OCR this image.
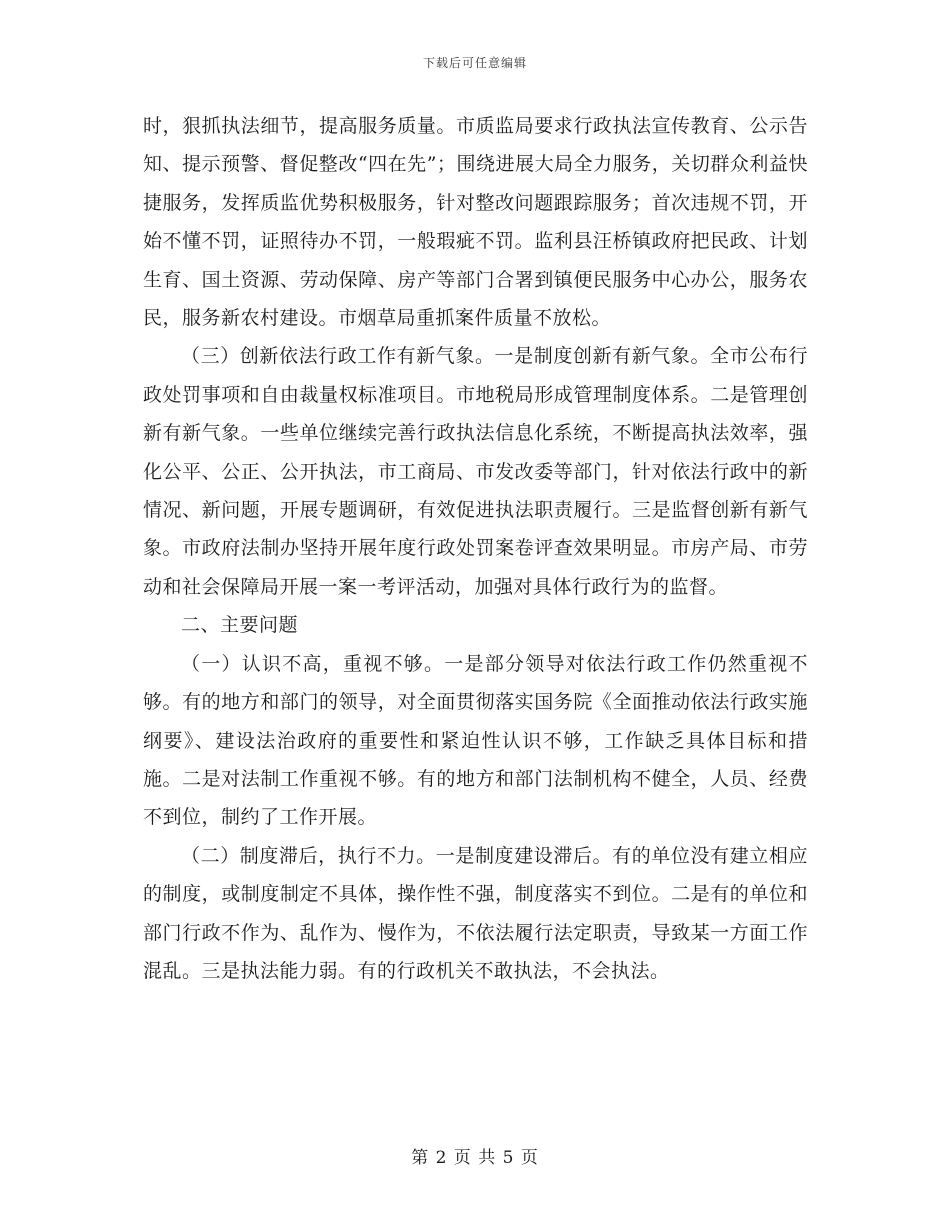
下载后可任意编辑

时，狠抓执法细节，提高服务质量。市质监局要求行政执法宣传教育、公示告知、提示预警、督促整改“四在先”；围绕进展大局全力服务，关切群众利益快捷服务，发挥质监优势积极服务，针对整改问题跟踪服务；首次违规不罚，开始不懂不罚，证照待办不罚，一般瑕疵不罚。监利县汪桥镇政府把民政、计划生育、国土资源、劳动保障、房产等部门合署到镇便民服务中心办公，服务农民，服务新农村建设。市烟草局重抓案件质量不放松。

（三）创新依法行政工作有新气象。一是制度创新有新气象。全市公布行政处罚事项和自由裁量权标准项目。市地税局形成管理制度体系。二是管理创新有新气象。一些单位继续完善行政执法信息化系统，不断提高执法效率，强化公平、公正、公开执法，市工商局、市发改委等部门，针对依法行政中的新情况、新问题，开展专题调研，有效促进执法职责履行。三是监督创新有新气象。市政府法制办坚持开展年度行政处罚案卷评查效果明显。市房产局、市劳动和社会保障局开展一案一考评活动，加强对具体行政行为的监督。

二、主要问题

（一）认识不高，重视不够。一是部分领导对依法行政工作仍然重视不够。有的地方和部门的领导，对全面贯彻落实国务院《全面推动依法行政实施纲要》、建设法治政府的重要性和紧迫性认识不够，工作缺乏具体目标和措施。二是对法制工作重视不够。有的地方和部门法制机构不健全，人员、经费不到位，制约了工作开展。

（二）制度滞后，执行不力。一是制度建设滞后。有的单位没有建立相应的制度，或制度制定不具体，操作性不强，制度落实不到位。二是有的单位和部门行政不作为、乱作为、慢作为，不依法履行法定职责，导致某一方面工作混乱。三是执法能力弱。有的行政机关不敢执法，不会执法。

第 2 页 共 5 页
